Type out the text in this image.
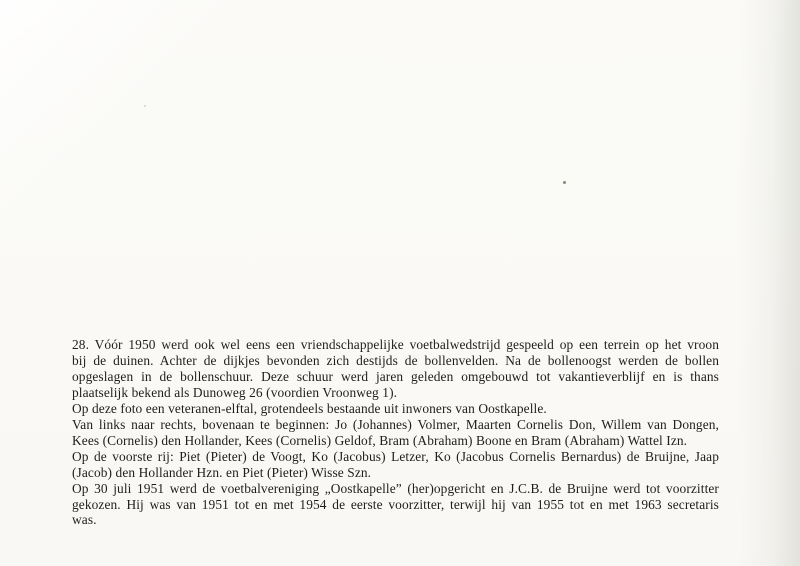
28. Vóór 1950 werd ook wel eens een vriendschappelijke voetbalwedstrijd gespeeld op een terrein op het vroon
bij de duinen. Achter de dijkjes bevonden zich destijds de bollenvelden. Na de bollenoogst werden de bollen
opgeslagen in de bollenschuur. Deze schuur werd jaren geleden omgebouwd tot vakantieverblijf en is thans
plaatselijk bekend als Dunoweg 26 (voordien Vroonweg 1).

Op deze foto een veteranen-elftal, grotendeels bestaande uit inwoners van Oostkapelle.

Van links naar rechts, bovenaan te beginnen: Jo (Johannes) Volmer, Maarten Cornelis Don, Willem van Dongen,
Kees (Cornelis) den Hollander, Kees (Cornelis) Geldof, Bram (Abraham) Boone en Bram (Abraham) Wattel Izn.

Op de voorste rij: Piet (Pieter) de Voogt, Ko (Jacobus) Letzer, Ko (Jacobus Cornelis Bernardus) de Bruijne, Jaap
(Jacob) den Hollander Hzn. en Piet (Pieter) Wisse Szn.

Op 30 juli 1951 werd de voetbalvereniging „Oostkapelle” (her)opgericht en J.C.B. de Bruijne werd tot voorzitter
gekozen. Hij was van 1951 tot en met 1954 de eerste voorzitter, terwijl hij van 1955 tot en met 1963 secretaris
was.
